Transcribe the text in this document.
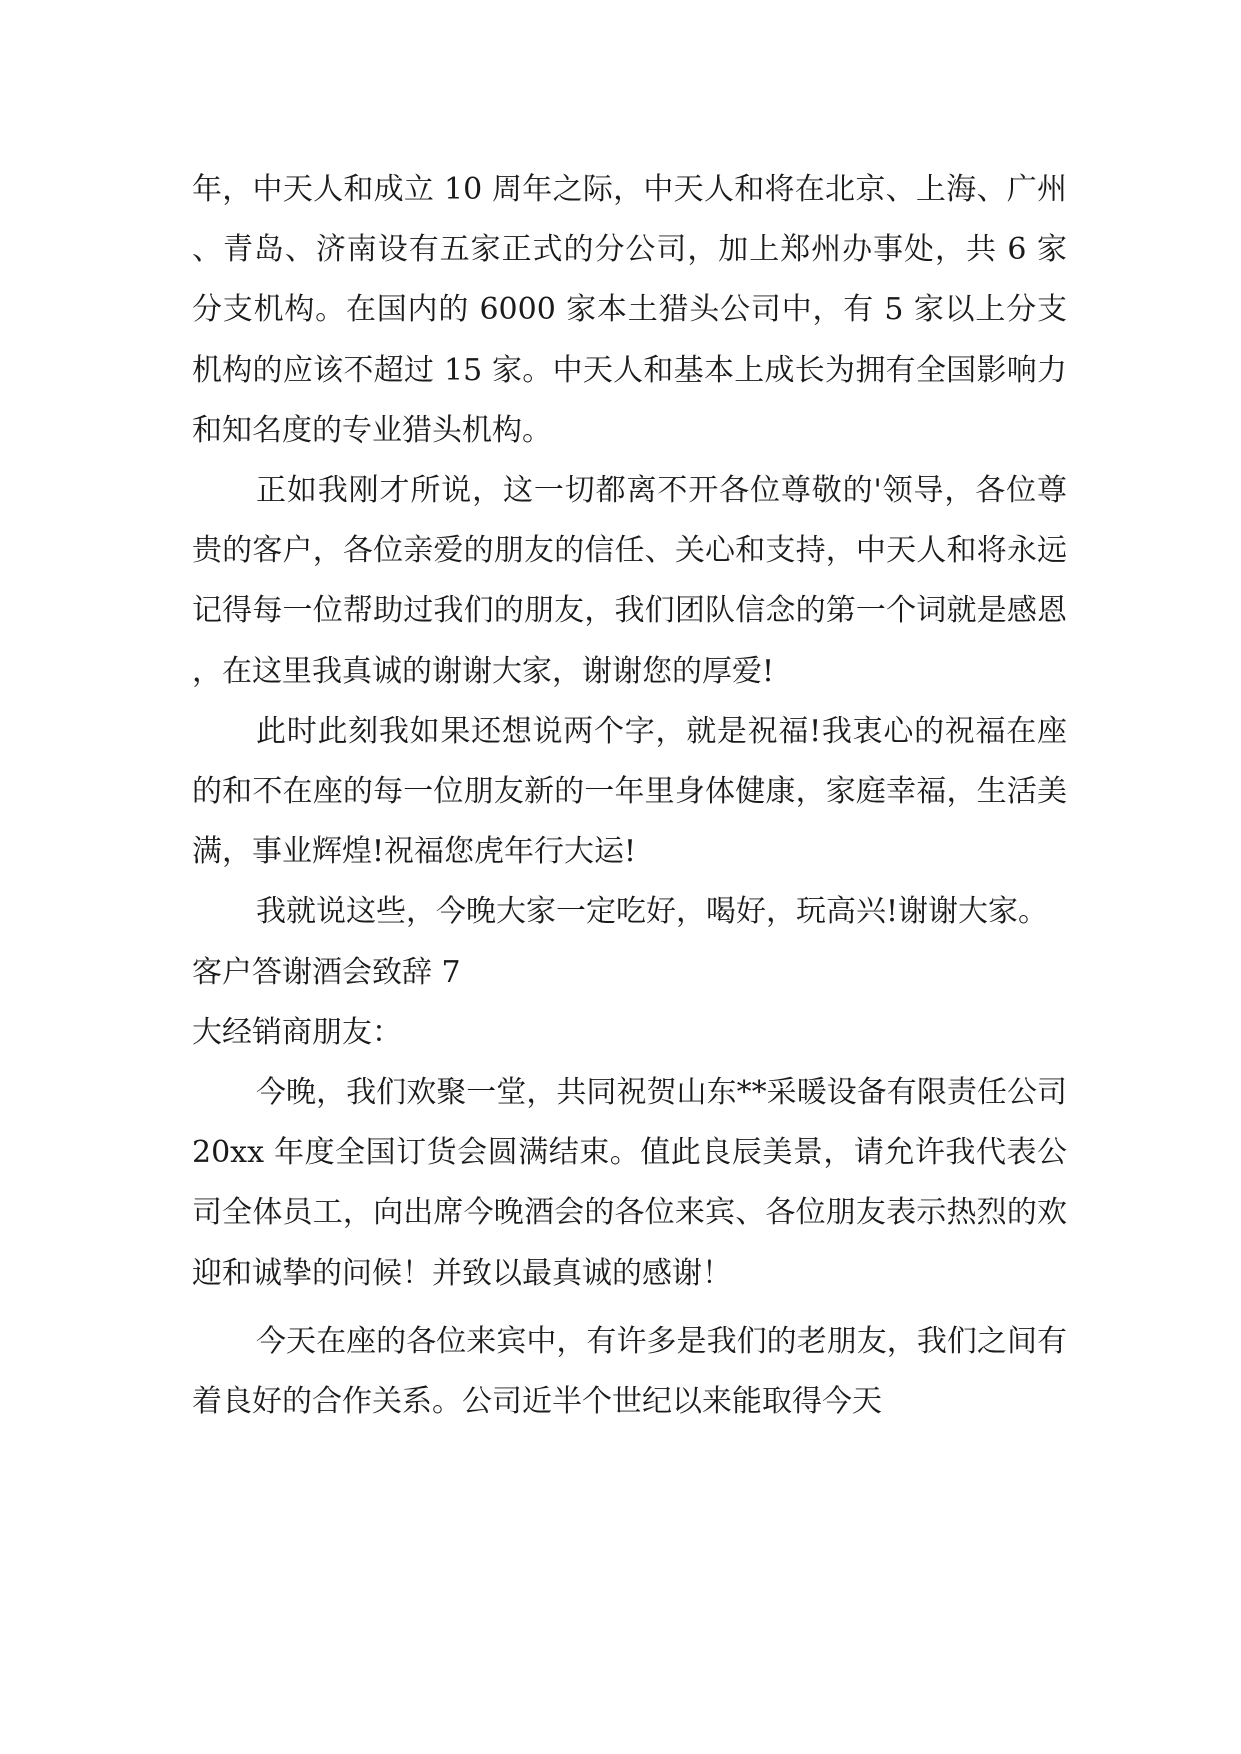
年，中天人和成立 10 周年之际，中天人和将在北京、上海、广州、青岛、济南设有五家正式的分公司，加上郑州办事处，共 6 家分支机构。在国内的 6000 家本土猎头公司中，有 5 家以上分支机构的应该不超过 15 家。中天人和基本上成长为拥有全国影响力和知名度的专业猎头机构。

正如我刚才所说，这一切都离不开各位尊敬的'领导，各位尊贵的客户，各位亲爱的朋友的信任、关心和支持，中天人和将永远记得每一位帮助过我们的朋友，我们团队信念的第一个词就是感恩，在这里我真诚的谢谢大家，谢谢您的厚爱!

此时此刻我如果还想说两个字，就是祝福!我衷心的祝福在座的和不在座的每一位朋友新的一年里身体健康，家庭幸福，生活美满，事业辉煌!祝福您虎年行大运!

我就说这些，今晚大家一定吃好，喝好，玩高兴!谢谢大家。

客户答谢酒会致辞 7

大经销商朋友：

今晚，我们欢聚一堂，共同祝贺山东**采暖设备有限责任公司 20xx 年度全国订货会圆满结束。值此良辰美景，请允许我代表公司全体员工，向出席今晚酒会的各位来宾、各位朋友表示热烈的欢迎和诚挚的问候！并致以最真诚的感谢！

今天在座的各位来宾中，有许多是我们的老朋友，我们之间有着良好的合作关系。公司近半个世纪以来能取得今天
